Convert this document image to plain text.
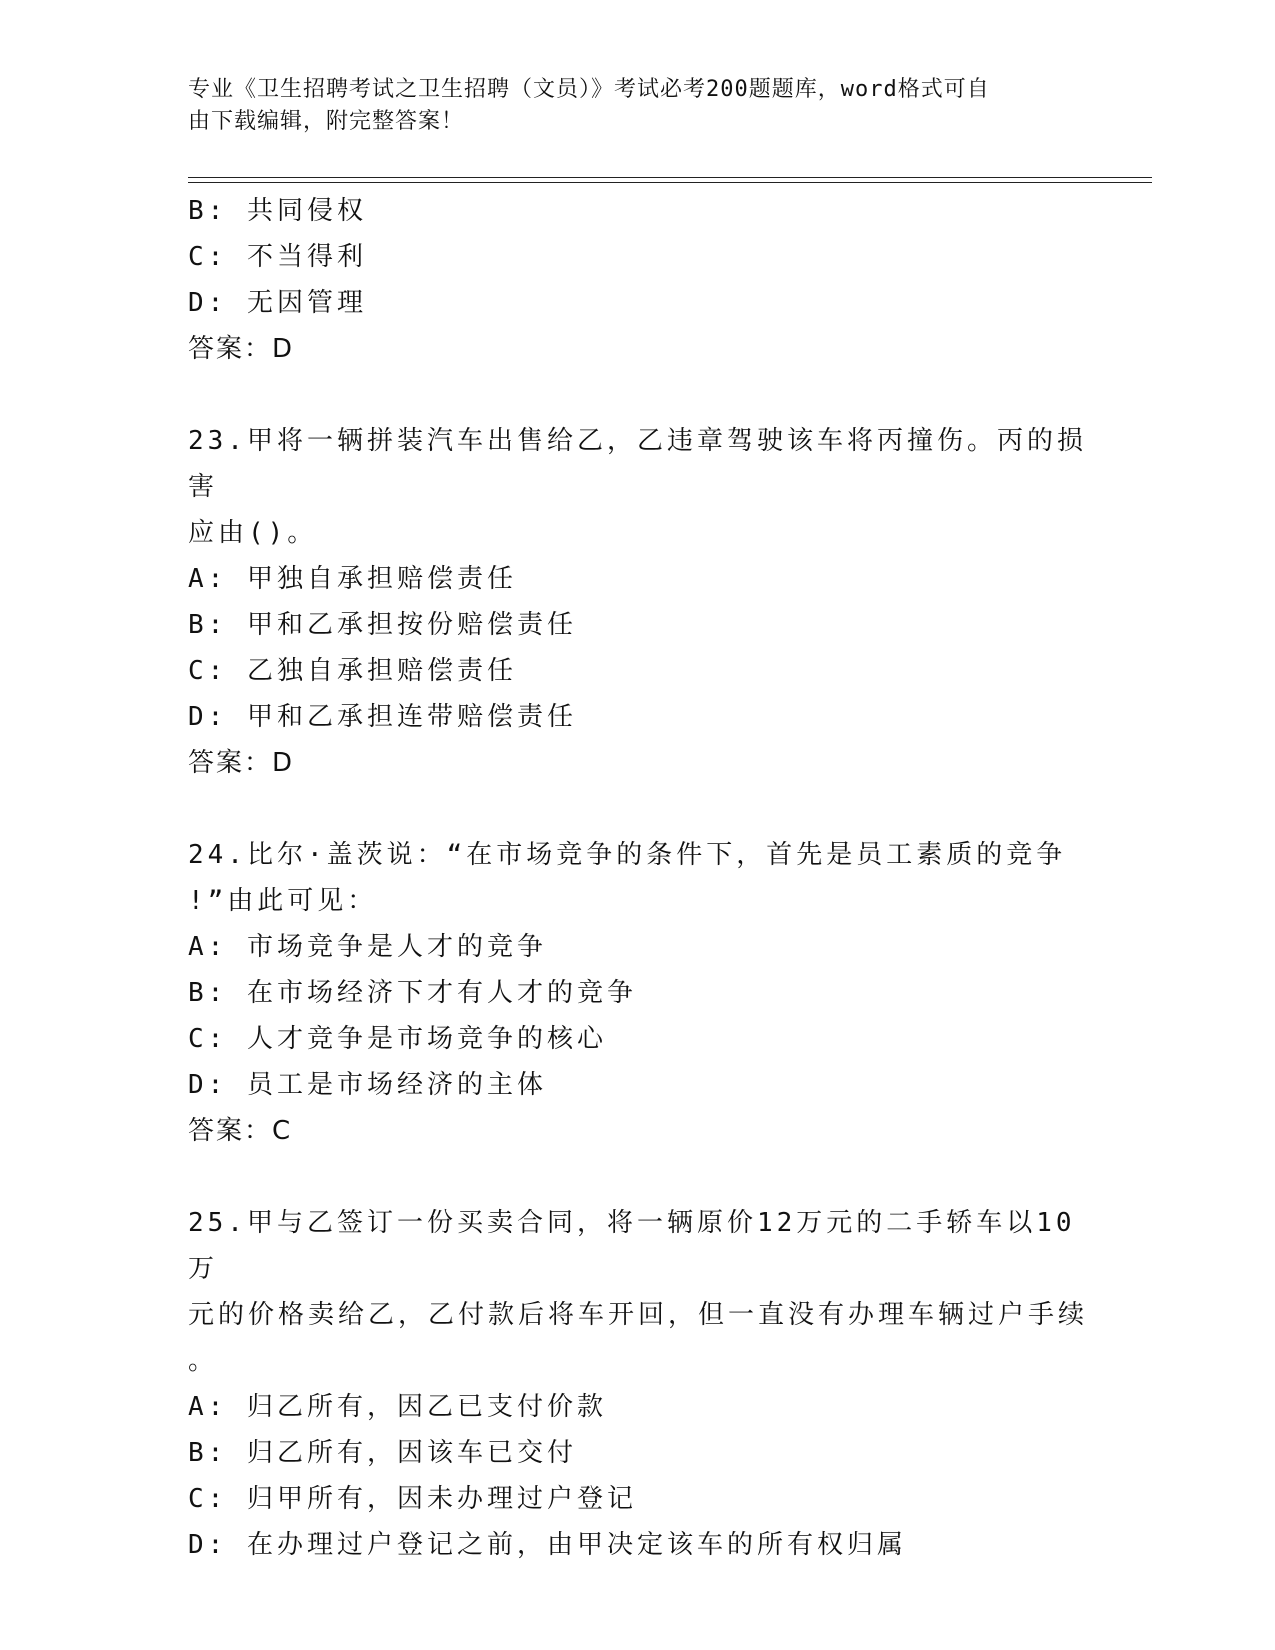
专业《卫生招聘考试之卫生招聘（文员）》考试必考200题题库，word格式可自
由下载编辑，附完整答案！
B: 共同侵权
C: 不当得利
D: 无因管理
答案：D
23.甲将一辆拼装汽车出售给乙，乙违章驾驶该车将丙撞伤。丙的损害
应由()。
A: 甲独自承担赔偿责任
B: 甲和乙承担按份赔偿责任
C: 乙独自承担赔偿责任
D: 甲和乙承担连带赔偿责任
答案：D
24.比尔·盖茨说：“在市场竞争的条件下，首先是员工素质的竞争
!”由此可见：
A: 市场竞争是人才的竞争
B: 在市场经济下才有人才的竞争
C: 人才竞争是市场竞争的核心
D: 员工是市场经济的主体
答案：C
25.甲与乙签订一份买卖合同，将一辆原价12万元的二手轿车以10万
元的价格卖给乙，乙付款后将车开回，但一直没有办理车辆过户手续
。
A: 归乙所有，因乙已支付价款
B: 归乙所有，因该车已交付
C: 归甲所有，因未办理过户登记
D: 在办理过户登记之前，由甲决定该车的所有权归属
